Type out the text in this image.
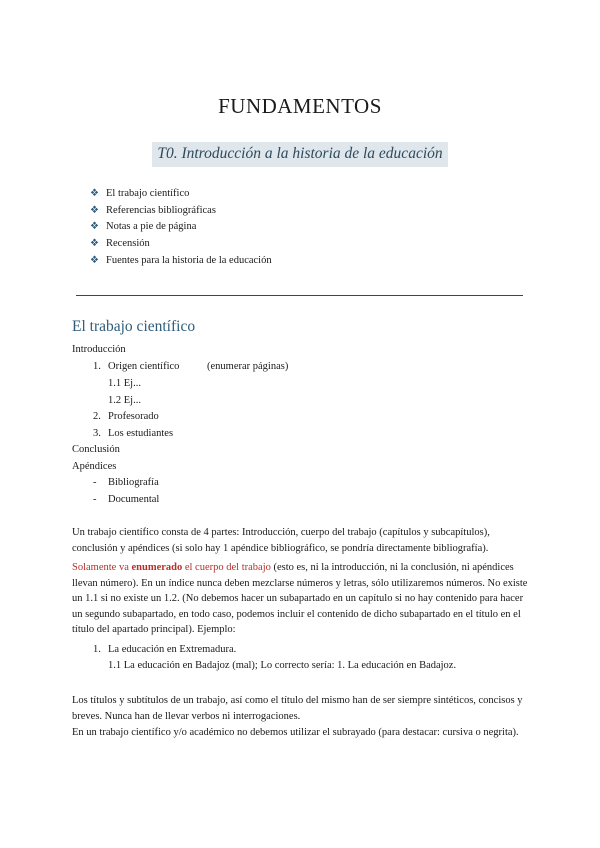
FUNDAMENTOS
T0. Introducción a la historia de la educación
❖ El trabajo científico
❖ Referencias bibliográficas
❖ Notas a pie de página
❖ Recensión
❖ Fuentes para la historia de la educación
El trabajo científico
Introducción
1. Origen científico	(enumerar páginas)
1.1 Ej...
1.2 Ej...
2. Profesorado
3. Los estudiantes
Conclusión
Apéndices
- Bibliografía
- Documental
Un trabajo científico consta de 4 partes: Introducción, cuerpo del trabajo (capítulos y subcapítulos), conclusión y apéndices (si solo hay 1 apéndice bibliográfico, se pondría directamente bibliografía).
Solamente va enumerado el cuerpo del trabajo (esto es, ni la introducción, ni la conclusión, ni apéndices llevan número). En un índice nunca deben mezclarse números y letras, sólo utilizaremos números. No existe un 1.1 si no existe un 1.2. (No debemos hacer un subapartado en un capítulo si no hay contenido para hacer un segundo subapartado, en todo caso, podemos incluir el contenido de dicho subapartado en el título en el título del apartado principal). Ejemplo:
1. La educación en Extremadura.
1.1 La educación en Badajoz (mal); Lo correcto sería: 1. La educación en Badajoz.
Los títulos y subtítulos de un trabajo, así como el título del mismo han de ser siempre sintéticos, concisos y breves. Nunca han de llevar verbos ni interrogaciones.
En un trabajo científico y/o académico no debemos utilizar el subrayado (para destacar: cursiva o negrita).
